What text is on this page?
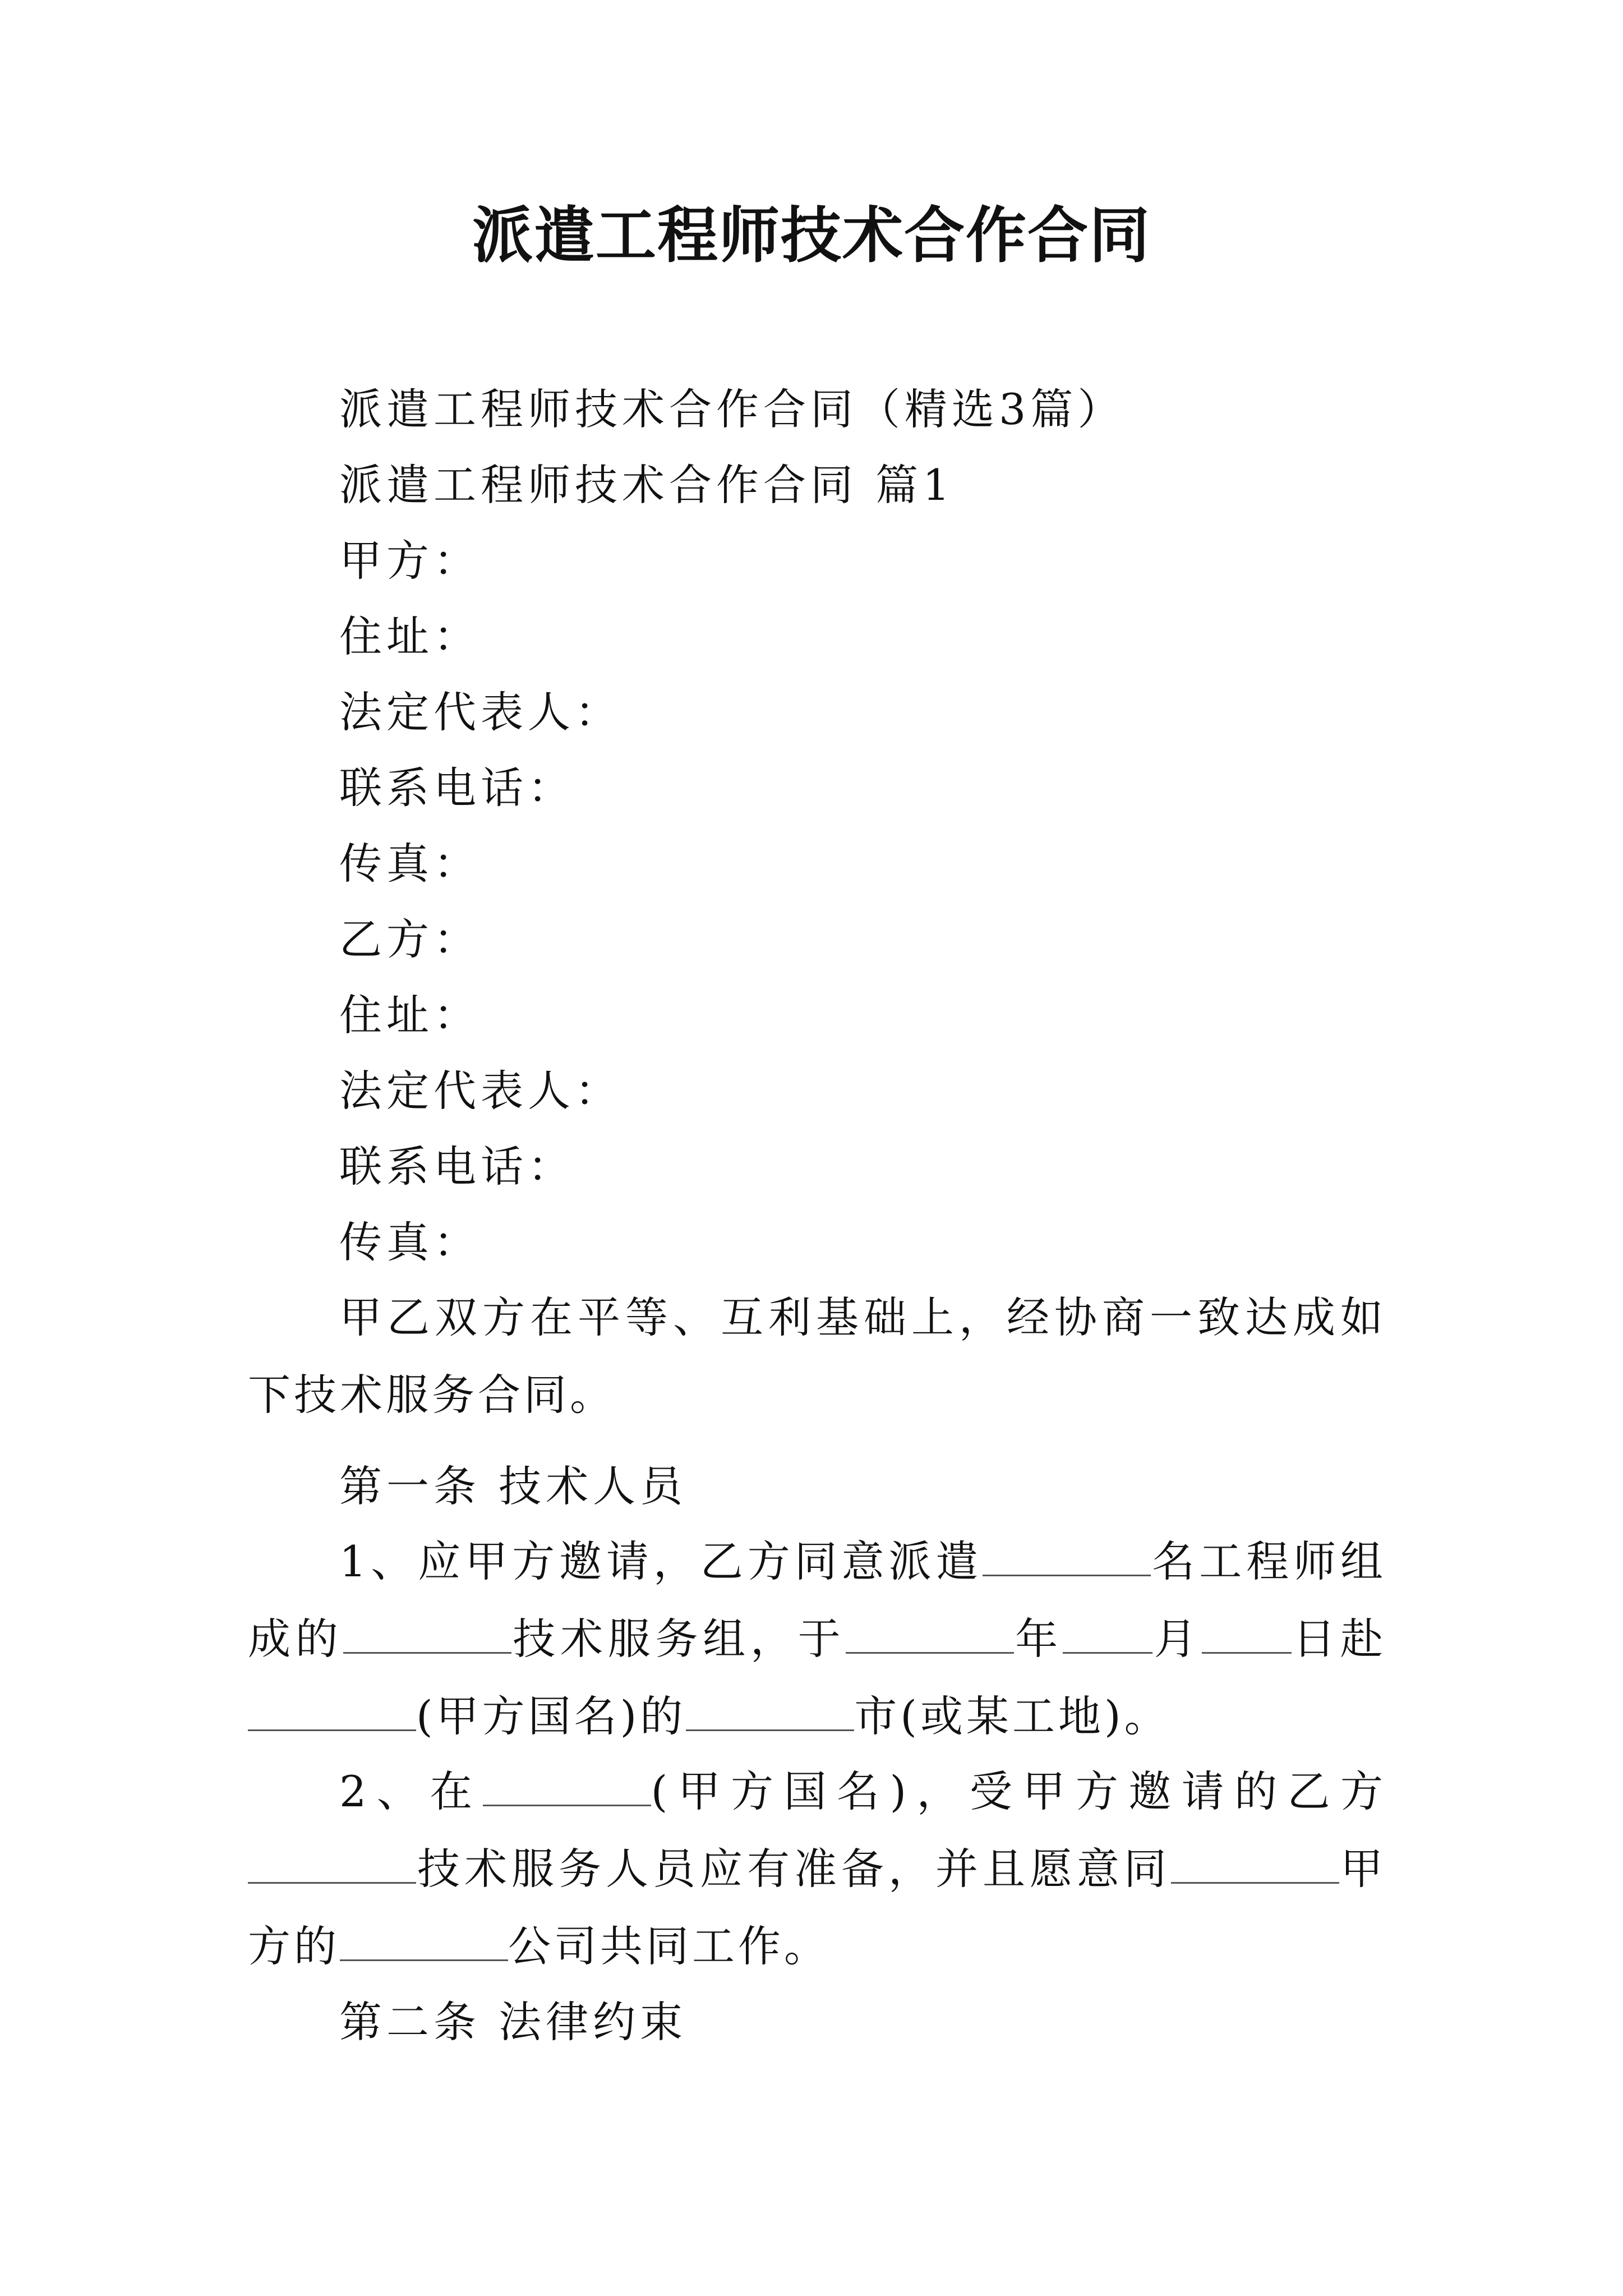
派遣工程师技术合作合同
派遣工程师技术合作合同（精选3篇）
派遣工程师技术合作合同 篇1
甲方：
住址：
法定代表人：
联系电话：
传真：
乙方：
住址：
法定代表人：
联系电话：
传真：
甲乙双方在平等、互利基础上，经协商一致达成如下技术服务合同。
第一条 技术人员
1、应甲方邀请，乙方同意派遣	名工程师组成的	技术服务组，于	年 月 日赴(甲方国名)的	市(或某工地)。
2、在	(甲方国名)，受甲方邀请的乙方技术服务人员应有准备，并且愿意同	甲方的	公司共同工作。
第二条 法律约束
